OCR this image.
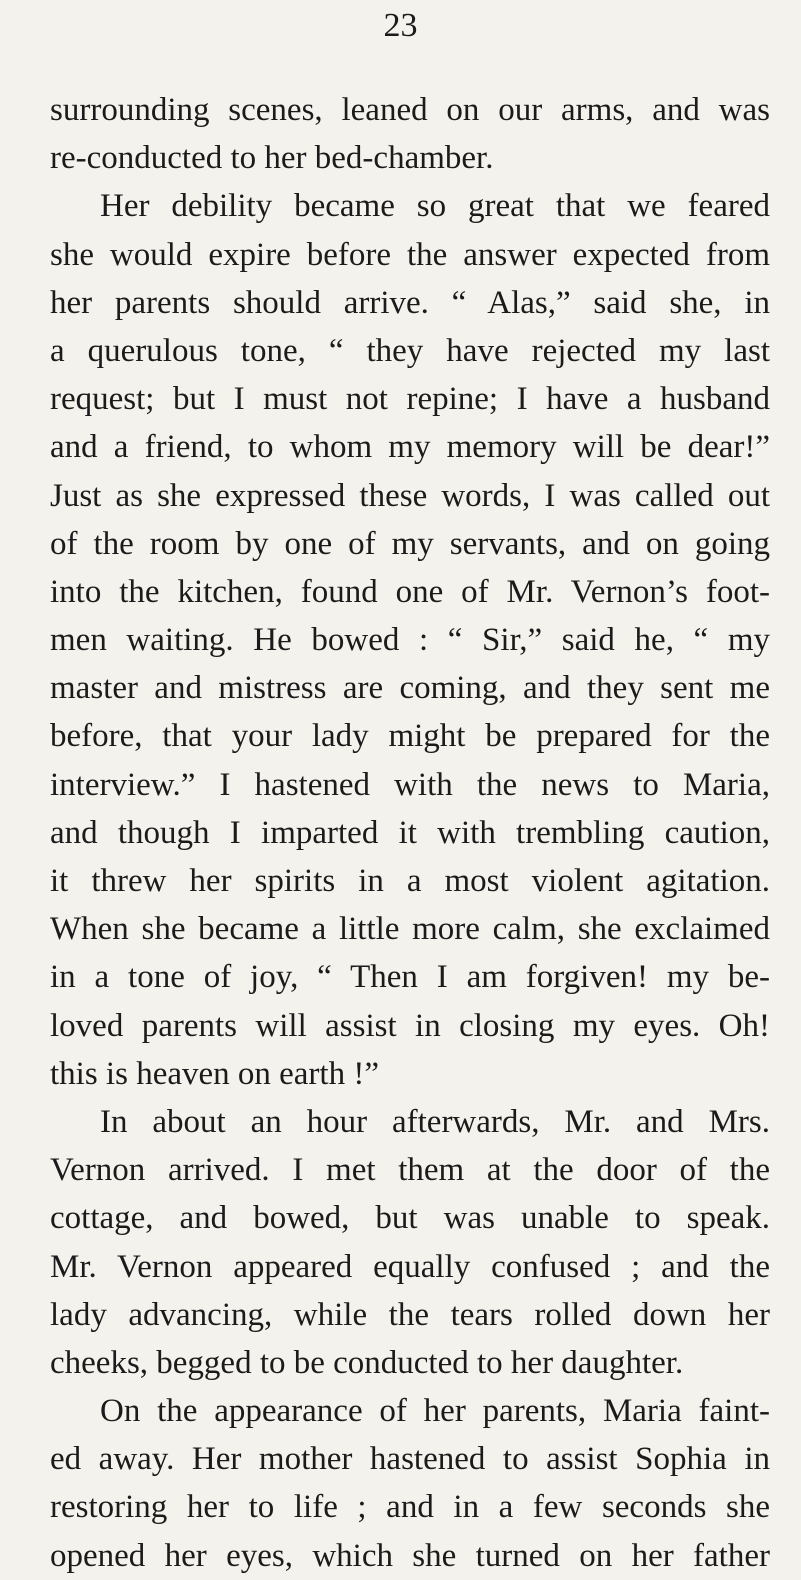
23
surrounding scenes, leaned on our arms, and was
re-conducted to her bed-chamber.
Her debility became so great that we feared
she would expire before the answer expected from
her parents should arrive. “ Alas,” said she, in
a querulous tone, “ they have rejected my last
request; but I must not repine; I have a husband
and a friend, to whom my memory will be dear!”
Just as she expressed these words, I was called out
of the room by one of my servants, and on going
into the kitchen, found one of Mr. Vernon’s foot-
men waiting. He bowed : “ Sir,” said he, “ my
master and mistress are coming, and they sent me
before, that your lady might be prepared for the
interview.” I hastened with the news to Maria,
and though I imparted it with trembling caution,
it threw her spirits in a most violent agitation.
When she became a little more calm, she exclaimed
in a tone of joy, “ Then I am forgiven! my be-
loved parents will assist in closing my eyes. Oh!
this is heaven on earth !”
In about an hour afterwards, Mr. and Mrs.
Vernon arrived. I met them at the door of the
cottage, and bowed, but was unable to speak.
Mr. Vernon appeared equally confused ; and the
lady advancing, while the tears rolled down her
cheeks, begged to be conducted to her daughter.
On the appearance of her parents, Maria faint-
ed away. Her mother hastened to assist Sophia in
restoring her to life ; and in a few seconds she
opened her eyes, which she turned on her father
